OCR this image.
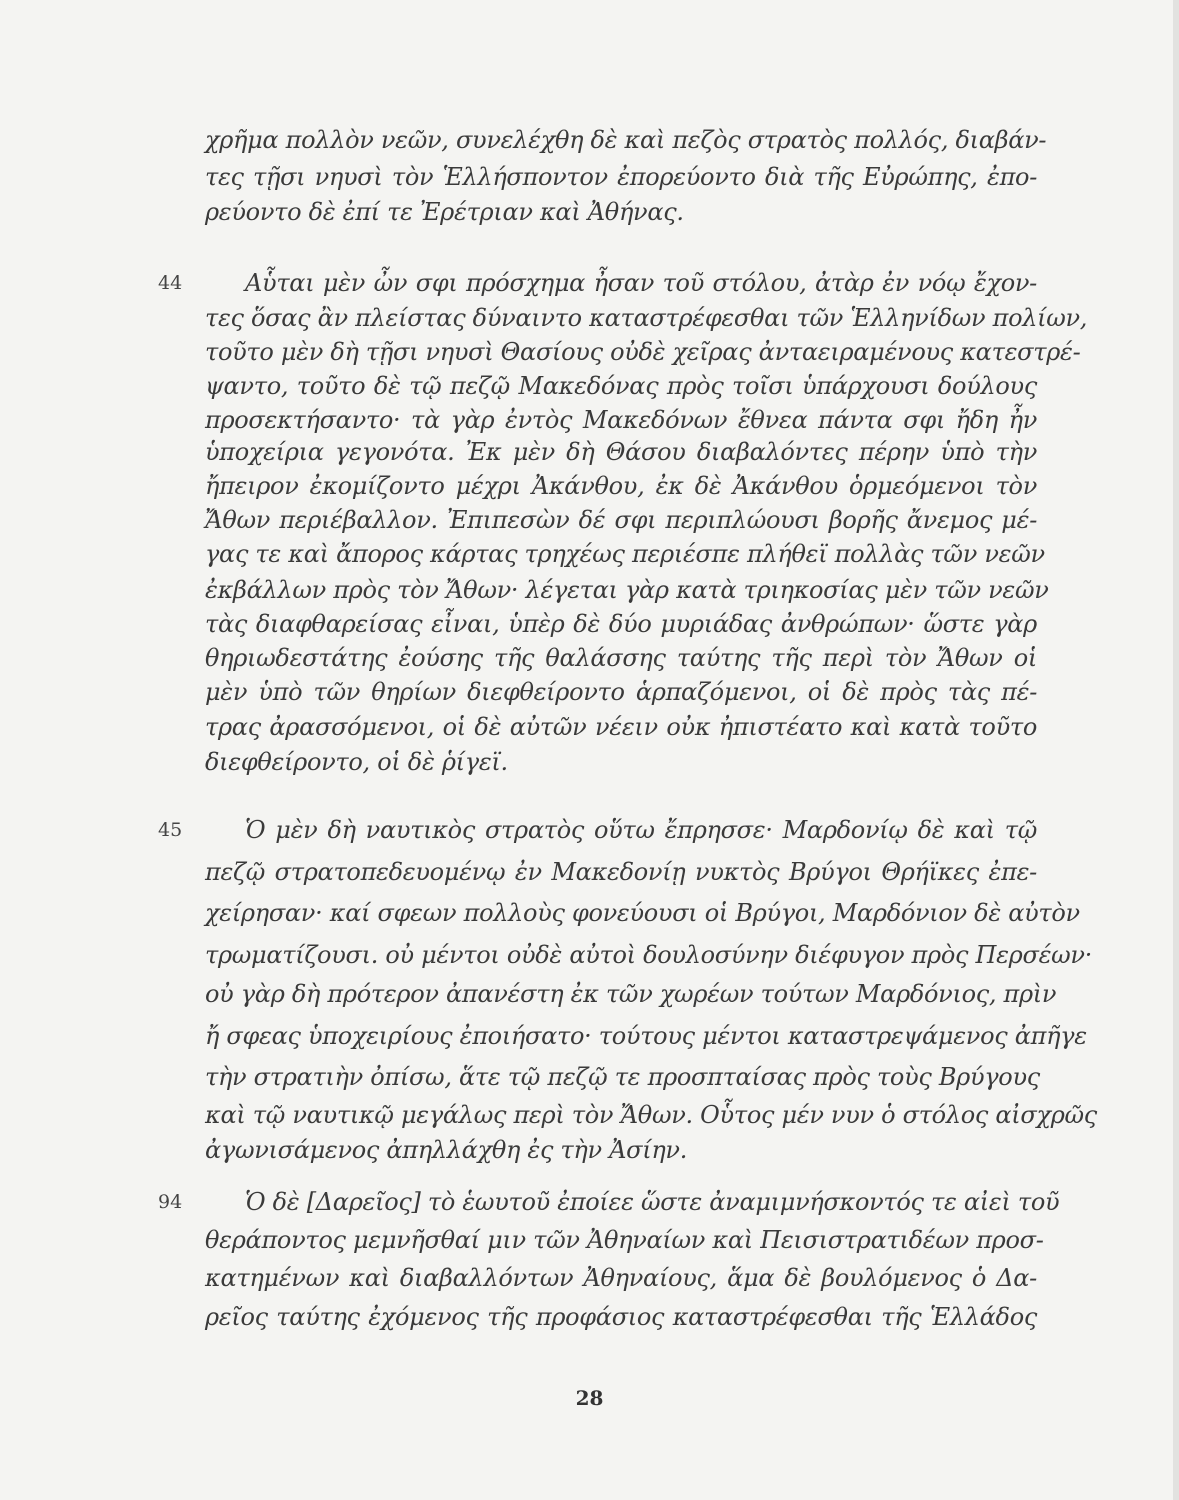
χρῆμα πολλὸν νεῶν, συνελέχθη δὲ καὶ πεζὸς στρατὸς πολλός, διαβάν-
τες τῇσι νηυσὶ τὸν Ἑλλήσποντον ἐπορεύοντο διὰ τῆς Εὐρώπης, ἐπο-
ρεύοντο δὲ ἐπί τε Ἐρέτριαν καὶ Ἀθήνας.
44	Αὗται μὲν ὦν σφι πρόσχημα ἦσαν τοῦ στόλου, ἀτὰρ ἐν νόῳ ἔχον-
τες ὅσας ἂν πλείστας δύναιντο καταστρέφεσθαι τῶν Ἑλληνίδων πολίων,
τοῦτο μὲν δὴ τῇσι νηυσὶ Θασίους οὐδὲ χεῖρας ἀνταειραμένους κατεστρέ-
ψαντο, τοῦτο δὲ τῷ πεζῷ Μακεδόνας πρὸς τοῖσι ὑπάρχουσι δούλους
προσεκτήσαντο· τὰ γὰρ ἐντὸς Μακεδόνων ἔθνεα πάντα σφι ἤδη ἦν
ὑποχείρια γεγονότα. Ἐκ μὲν δὴ Θάσου διαβαλόντες πέρην ὑπὸ τὴν
ἤπειρον ἐκομίζοντο μέχρι Ἀκάνθου, ἐκ δὲ Ἀκάνθου ὁρμεόμενοι τὸν
Ἄθων περιέβαλλον. Ἐπιπεσὼν δέ σφι περιπλώουσι βορῆς ἄνεμος μέ-
γας τε καὶ ἄπορος κάρτας τρηχέως περιέσπε πλήθεϊ πολλὰς τῶν νεῶν
ἐκβάλλων πρὸς τὸν Ἄθων· λέγεται γὰρ κατὰ τριηκοσίας μὲν τῶν νεῶν
τὰς διαφθαρείσας εἶναι, ὑπὲρ δὲ δύο μυριάδας ἀνθρώπων· ὥστε γὰρ
θηριωδεστάτης ἐούσης τῆς θαλάσσης ταύτης τῆς περὶ τὸν Ἄθων οἱ
μὲν ὑπὸ τῶν θηρίων διεφθείροντο ἁρπαζόμενοι, οἱ δὲ πρὸς τὰς πέ-
τρας ἀρασσόμενοι, οἱ δὲ αὐτῶν νέειν οὐκ ἠπιστέατο καὶ κατὰ τοῦτο
διεφθείροντο, οἱ δὲ ῥίγεϊ.
45	Ὁ μὲν δὴ ναυτικὸς στρατὸς οὕτω ἔπρησσε· Μαρδονίῳ δὲ καὶ τῷ
πεζῷ στρατοπεδευομένῳ ἐν Μακεδονίῃ νυκτὸς Βρύγοι Θρήϊκες ἐπε-
χείρησαν· καί σφεων πολλοὺς φονεύουσι οἱ Βρύγοι, Μαρδόνιον δὲ αὐτὸν
τρωματίζουσι. οὐ μέντοι οὐδὲ αὐτοὶ δουλοσύνην διέφυγον πρὸς Περσέων·
οὐ γὰρ δὴ πρότερον ἀπανέστη ἐκ τῶν χωρέων τούτων Μαρδόνιος, πρὶν
ἤ σφεας ὑποχειρίους ἐποιήσατο· τούτους μέντοι καταστρεψάμενος ἀπῆγε
τὴν στρατιὴν ὀπίσω, ἅτε τῷ πεζῷ τε προσπταίσας πρὸς τοὺς Βρύγους
καὶ τῷ ναυτικῷ μεγάλως περὶ τὸν Ἄθων. Οὗτος μέν νυν ὁ στόλος αἰσχρῶς
ἀγωνισάμενος ἀπηλλάχθη ἐς τὴν Ἀσίην.
94	Ὁ δὲ [Δαρεῖος] τὸ ἑωυτοῦ ἐποίεε ὥστε ἀναμιμνήσκοντός τε αἰεὶ τοῦ
θεράποντος μεμνῆσθαί μιν τῶν Ἀθηναίων καὶ Πεισιστρατιδέων προσ-
κατημένων καὶ διαβαλλόντων Ἀθηναίους, ἅμα δὲ βουλόμενος ὁ Δα-
ρεῖος ταύτης ἐχόμενος τῆς προφάσιος καταστρέφεσθαι τῆς Ἑλλάδος
28
